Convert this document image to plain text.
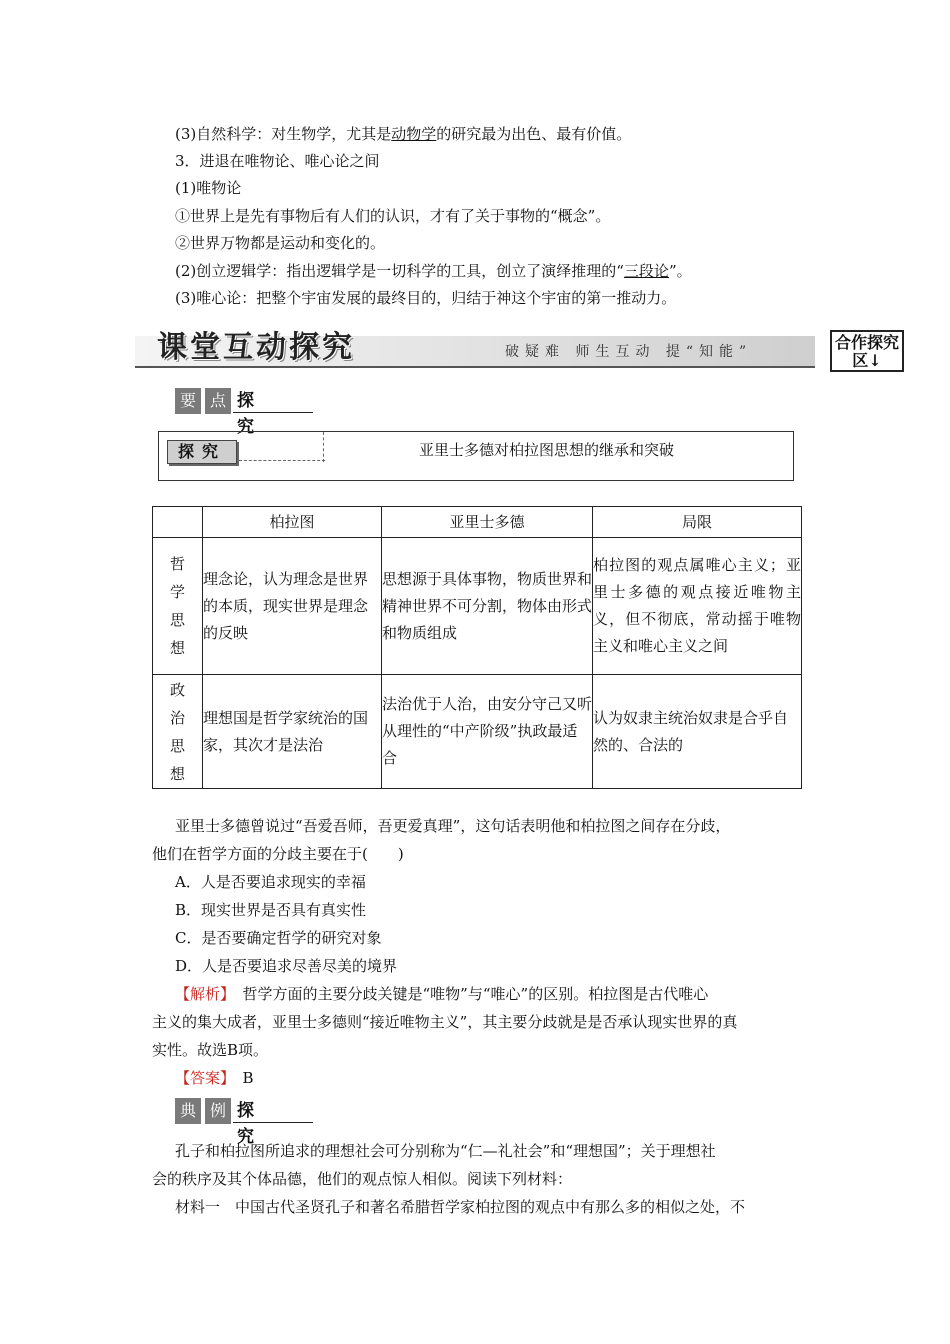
(3)自然科学：对生物学，尤其是动物学的研究最为出色、最有价值。
3．进退在唯物论、唯心论之间
(1)唯物论
①世界上是先有事物后有人们的认识，才有了关于事物的“概念”。
②世界万物都是运动和变化的。
(2)创立逻辑学：指出逻辑学是一切科学的工具，创立了演绎推理的“三段论”。
(3)唯心论：把整个宇宙发展的最终目的，归结于神这个宇宙的第一推动力。
课堂互动探究	破疑难 师生互动 提“知能”	合作探究区↓
要 点 探究
探究	亚里士多德对柏拉图思想的继承和突破
	柏拉图	亚里士多德	局限

哲学思想	理念论，认为理念是世界的本质，现实世界是理念的反映	思想源于具体事物，物质世界和精神世界不可分割，物体由形式和物质组成	柏拉图的观点属唯心主义；亚里士多德的观点接近唯物主义，但不彻底，常动摇于唯物主义和唯心主义之间

政治思想	理想国是哲学家统治的国家，其次才是法治	法治优于人治，由安分守己又听从理性的“中产阶级”执政最适合	认为奴隶主统治奴隶是合乎自然的、合法的
亚里士多德曾说过“吾爱吾师，吾更爱真理”，这句话表明他和柏拉图之间存在分歧，
他们在哲学方面的分歧主要在于(　　)
A．人是否要追求现实的幸福
B．现实世界是否具有真实性
C．是否要确定哲学的研究对象
D．人是否要追求尽善尽美的境界
【解析】　哲学方面的主要分歧关键是“唯物”与“唯心”的区别。柏拉图是古代唯心
主义的集大成者，亚里士多德则“接近唯物主义”，其主要分歧就是是否承认现实世界的真
实性。故选B项。
【答案】　B
典 例 探究
孔子和柏拉图所追求的理想社会可分别称为“仁—礼社会”和“理想国”；关于理想社
会的秩序及其个体品德，他们的观点惊人相似。阅读下列材料：
材料一　中国古代圣贤孔子和著名希腊哲学家柏拉图的观点中有那么多的相似之处，不
